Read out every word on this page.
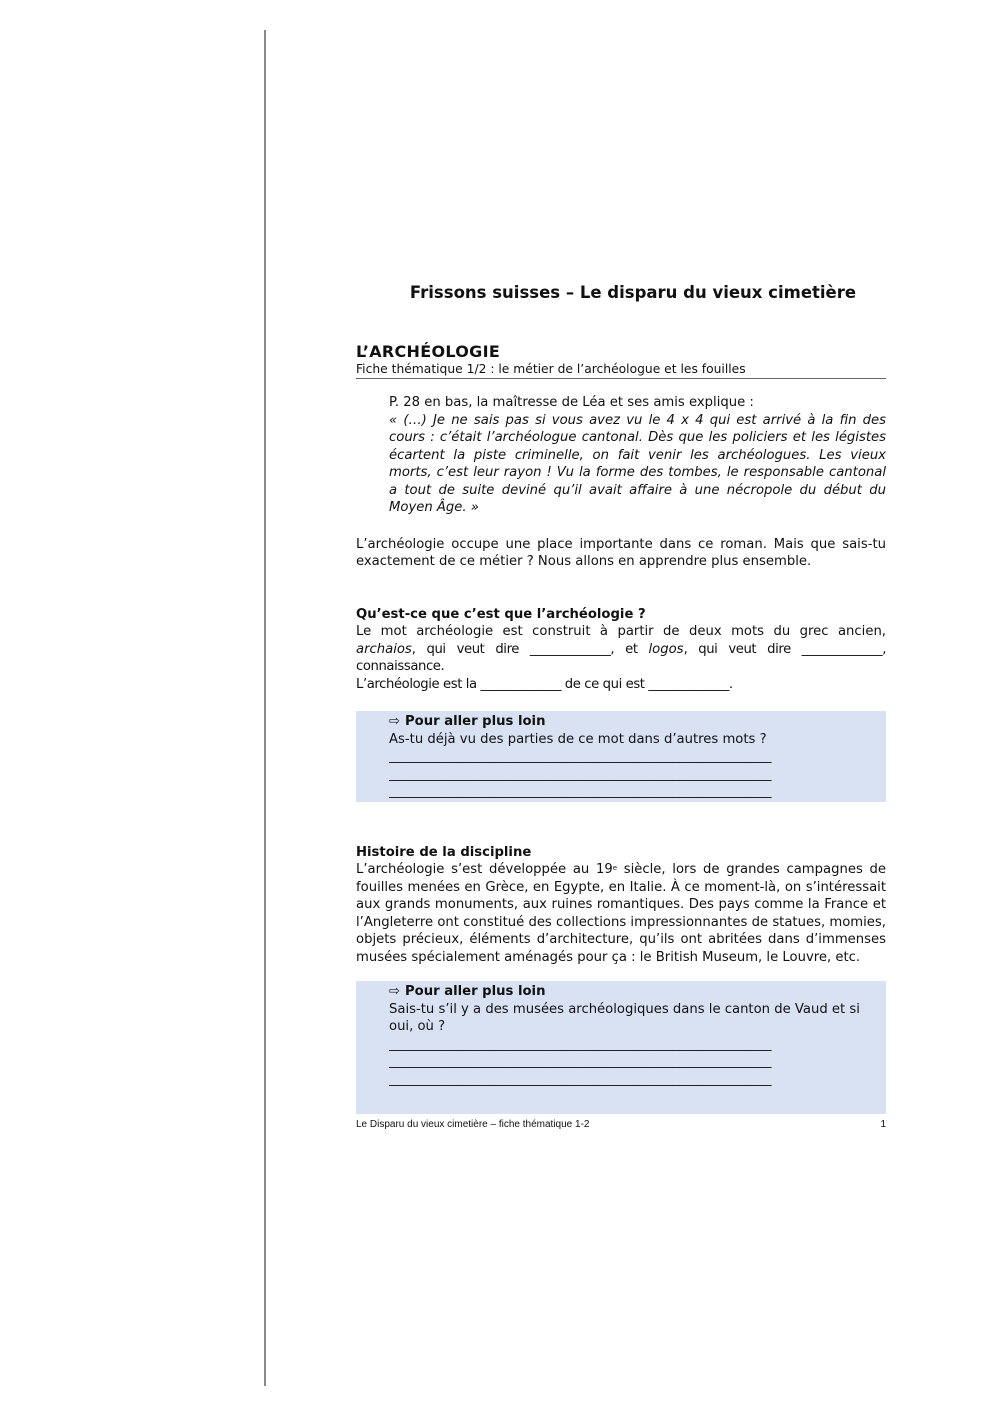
Frissons suisses – Le disparu du vieux cimetière
L’ARCHÉOLOGIE
Fiche thématique 1/2 : le métier de l’archéologue et les fouilles

P. 28 en bas, la maîtresse de Léa et ses amis explique :

« (…) Je ne sais pas si vous avez vu le 4 x 4 qui est arrivé à la fin des cours : c’était l’archéologue cantonal. Dès que les policiers et les légistes écartent la piste criminelle, on fait venir les archéologues. Les vieux morts, c’est leur rayon ! Vu la forme des tombes, le responsable cantonal a tout de suite deviné qu’il avait affaire à une nécropole du début du Moyen Âge. »

L’archéologie occupe une place importante dans ce roman. Mais que sais-tu exactement de ce métier ? Nous allons en apprendre plus ensemble.

Qu’est-ce que c’est que l’archéologie ?

Le mot archéologie est construit à partir de deux mots du grec ancien, archaios, qui veut dire _____________, et logos, qui veut dire _____________, connaissance.

L’archéologie est la _____________ de ce qui est _____________.

⇨ Pour aller plus loin

As-tu déjà vu des parties de ce mot dans d’autres mots ?

__________________________________________________________
__________________________________________________________
__________________________________________________________

Histoire de la discipline

L’archéologie s’est développée au 19e siècle, lors de grandes campagnes de fouilles menées en Grèce, en Egypte, en Italie. À ce moment-là, on s’intéressait aux grands monuments, aux ruines romantiques. Des pays comme la France et l’Angleterre ont constitué des collections impressionnantes de statues, momies, objets précieux, éléments d’architecture, qu’ils ont abritées dans d’immenses musées spécialement aménagés pour ça : le British Museum, le Louvre, etc.

⇨ Pour aller plus loin

Sais-tu s’il y a des musées archéologiques dans le canton de Vaud et si oui, où ?

__________________________________________________________
__________________________________________________________
__________________________________________________________
Le Disparu du vieux cimetière – fiche thématique 1-2	1
